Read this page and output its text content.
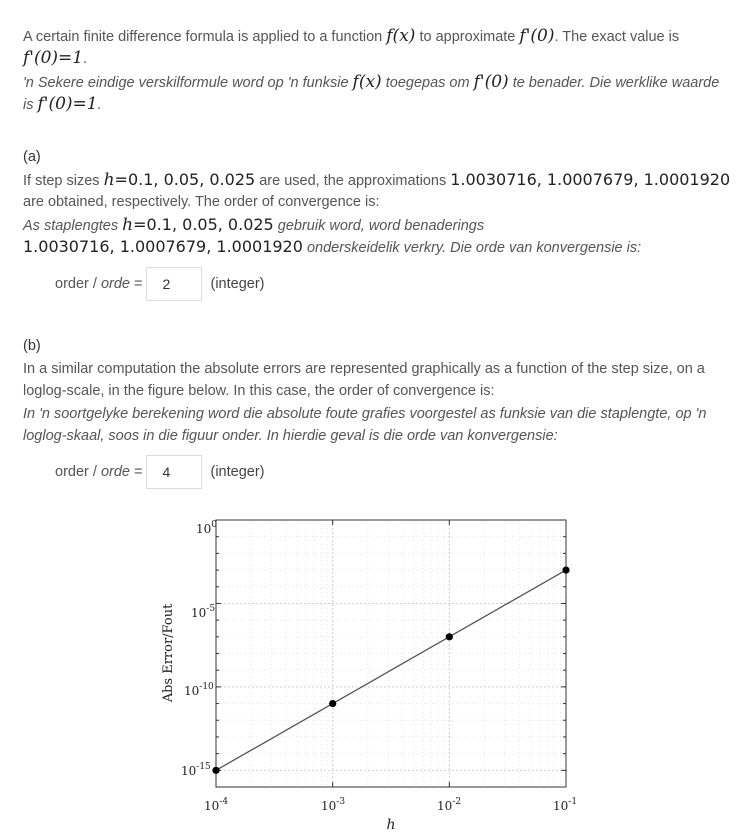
A certain finite difference formula is applied to a function f(x) to approximate f'(0). The exact value is
f'(0)=1.
'n Sekere eindige verskilformule word op 'n funksie f(x) toegepas om f'(0) te benader. Die werklike waarde
is f'(0)=1.
(a)
If step sizes h=0.1, 0.05, 0.025 are used, the approximations 1.0030716, 1.0007679, 1.0001920
are obtained, respectively. The order of convergence is:
As staplengtes h=0.1, 0.05, 0.025 gebruik word, word benaderings
1.0030716, 1.0007679, 1.0001920 onderskeidelik verkry. Die orde van konvergensie is:
order / orde =	2	(integer)
(b)
In a similar computation the absolute errors are represented graphically as a function of the step size, on a
loglog-scale, in the figure below. In this case, the order of convergence is:
In 'n soortgelyke berekening word die absolute foute grafies voorgestel as funksie van die staplengte, op 'n
loglog-skaal, soos in die figuur onder. In hierdie geval is die orde van konvergensie:
order / orde =	4	(integer)
$10^0$
$10^{-5}$
$10^{-10}$
$10^{-15}$
$10^{-4}$	$10^{-3}$	$10^{-2}$	$10^{-1}$
h
Abs Error/Fout
